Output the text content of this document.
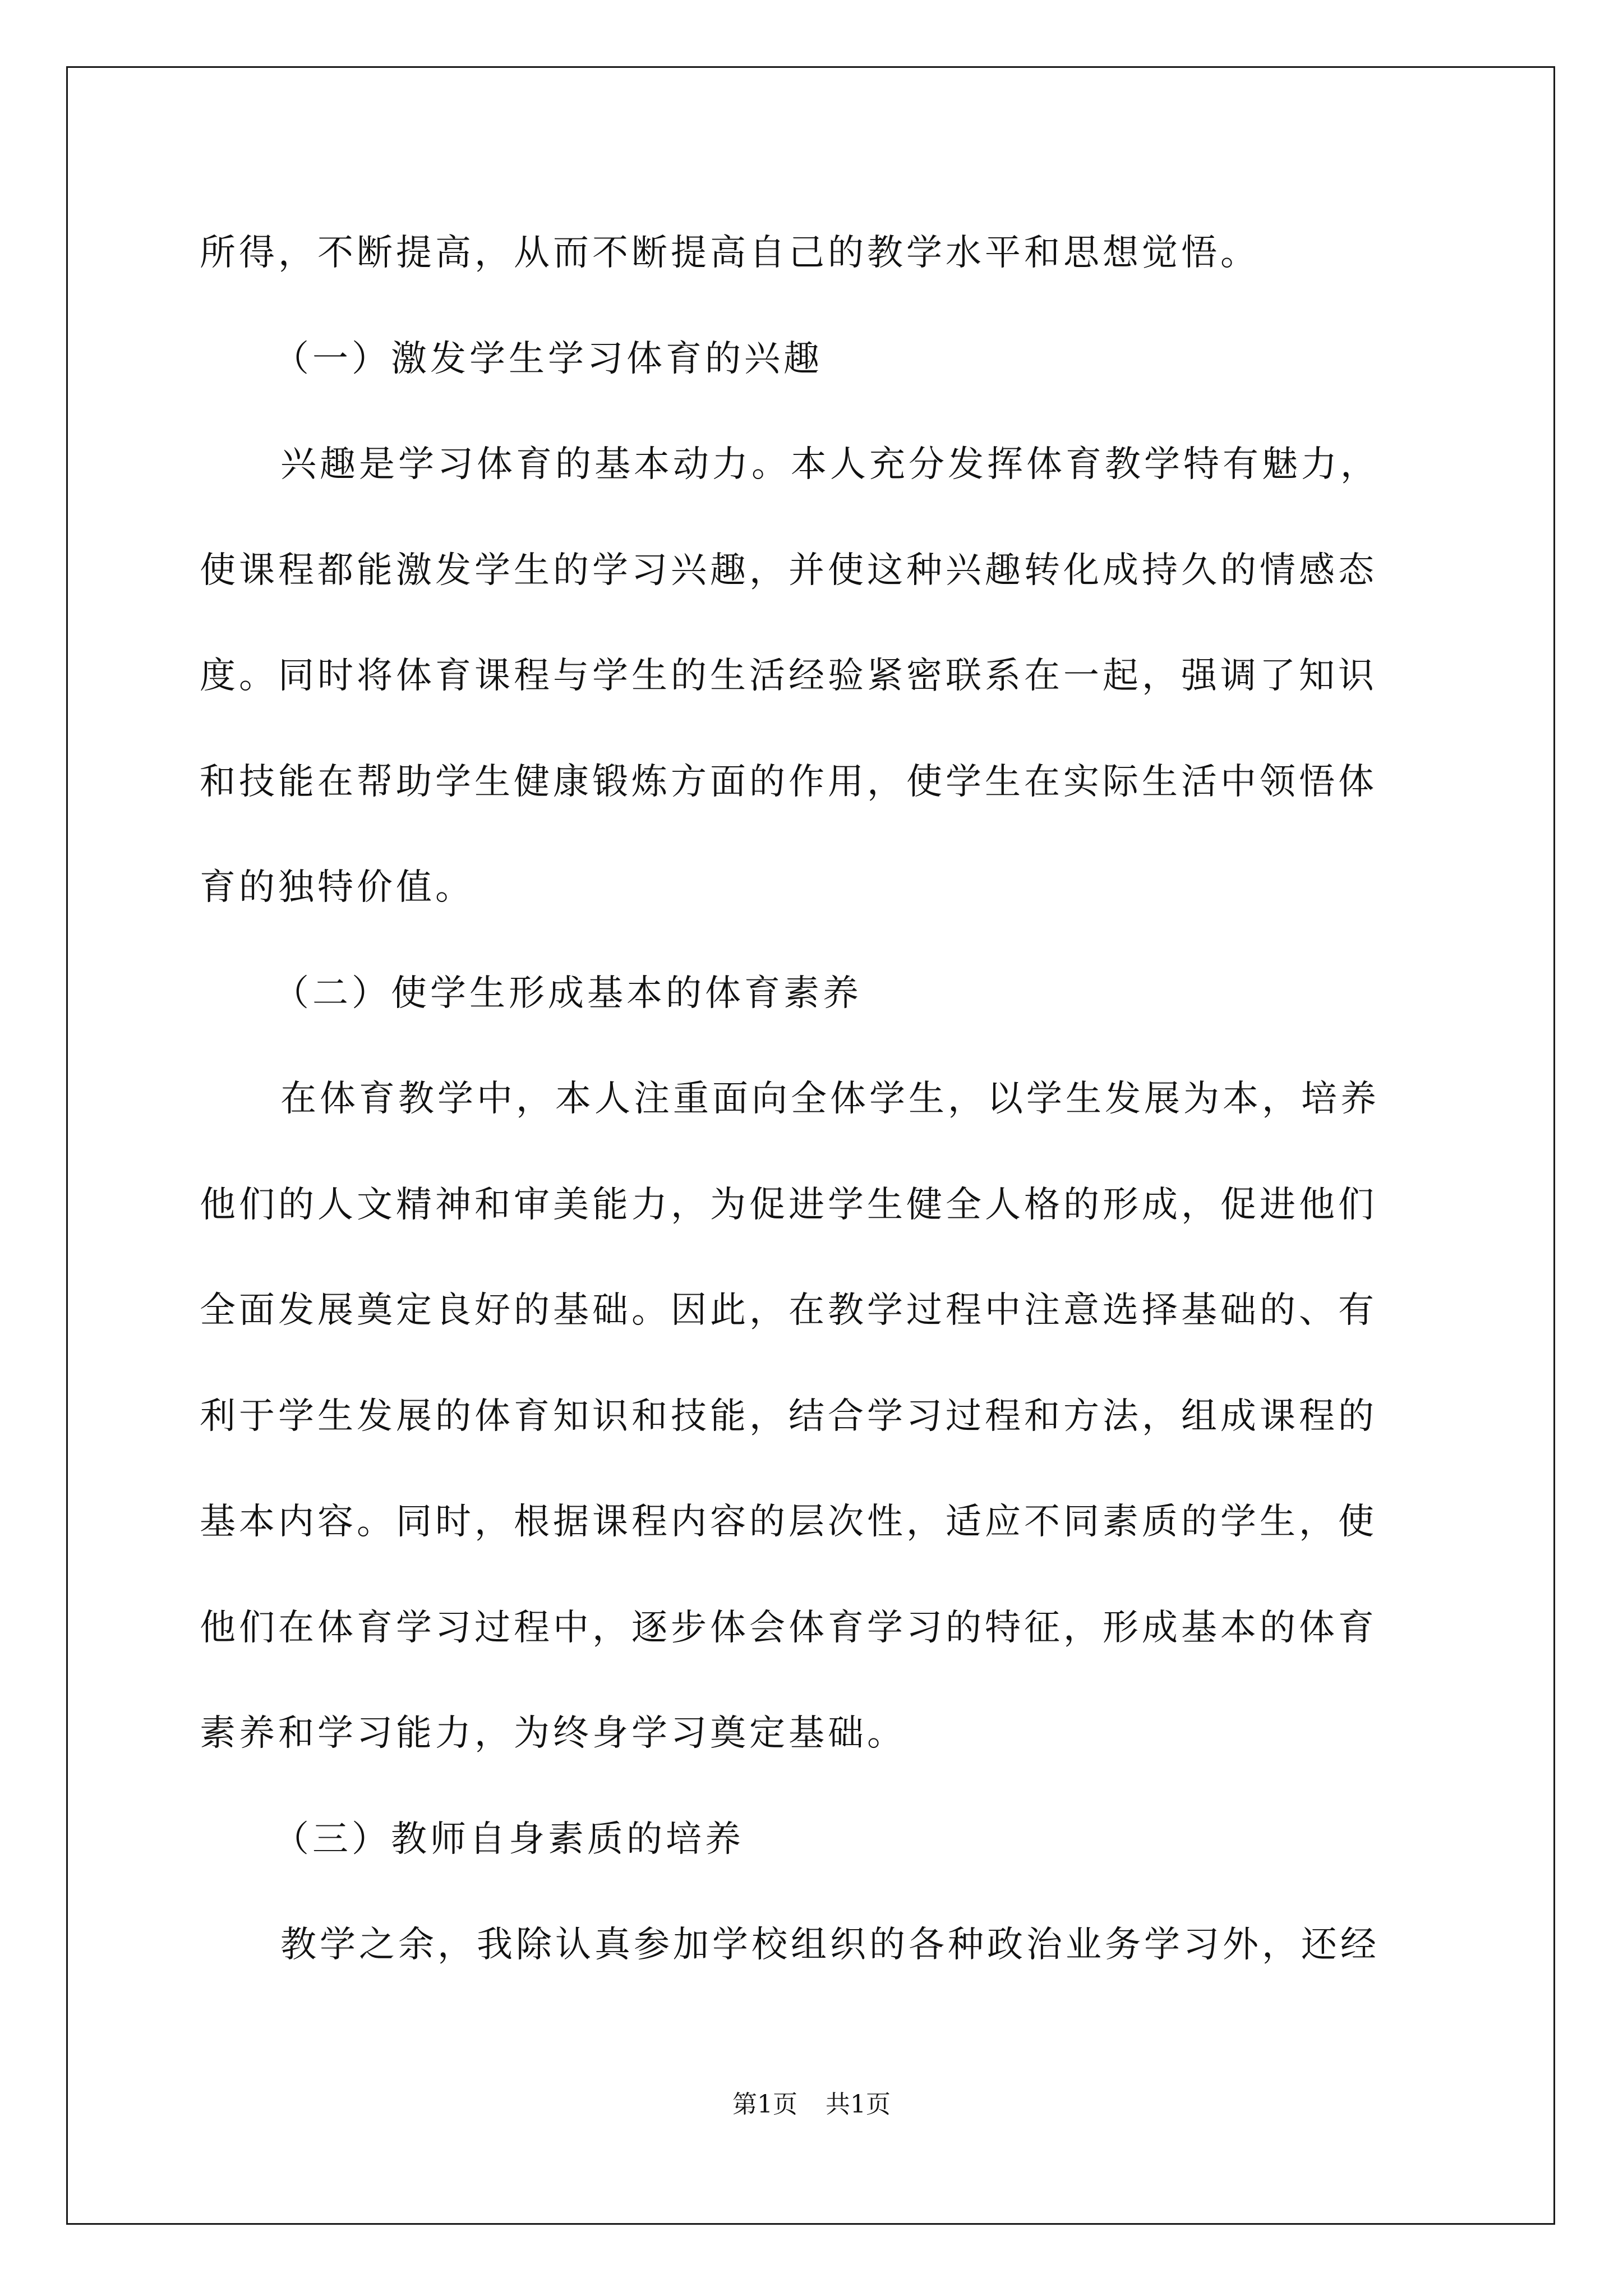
所得，不断提高，从而不断提高自己的教学水平和思想觉悟。

（一）激发学生学习体育的兴趣

兴趣是学习体育的基本动力。本人充分发挥体育教学特有魅力，

使课程都能激发学生的学习兴趣，并使这种兴趣转化成持久的情感态

度。同时将体育课程与学生的生活经验紧密联系在一起，强调了知识

和技能在帮助学生健康锻炼方面的作用，使学生在实际生活中领悟体

育的独特价值。

（二）使学生形成基本的体育素养

在体育教学中，本人注重面向全体学生，以学生发展为本，培养

他们的人文精神和审美能力，为促进学生健全人格的形成，促进他们

全面发展奠定良好的基础。因此，在教学过程中注意选择基础的、有

利于学生发展的体育知识和技能，结合学习过程和方法，组成课程的

基本内容。同时，根据课程内容的层次性，适应不同素质的学生，使

他们在体育学习过程中，逐步体会体育学习的特征，形成基本的体育

素养和学习能力，为终身学习奠定基础。

（三）教师自身素质的培养

教学之余，我除认真参加学校组织的各种政治业务学习外，还经

第1页 共1页
